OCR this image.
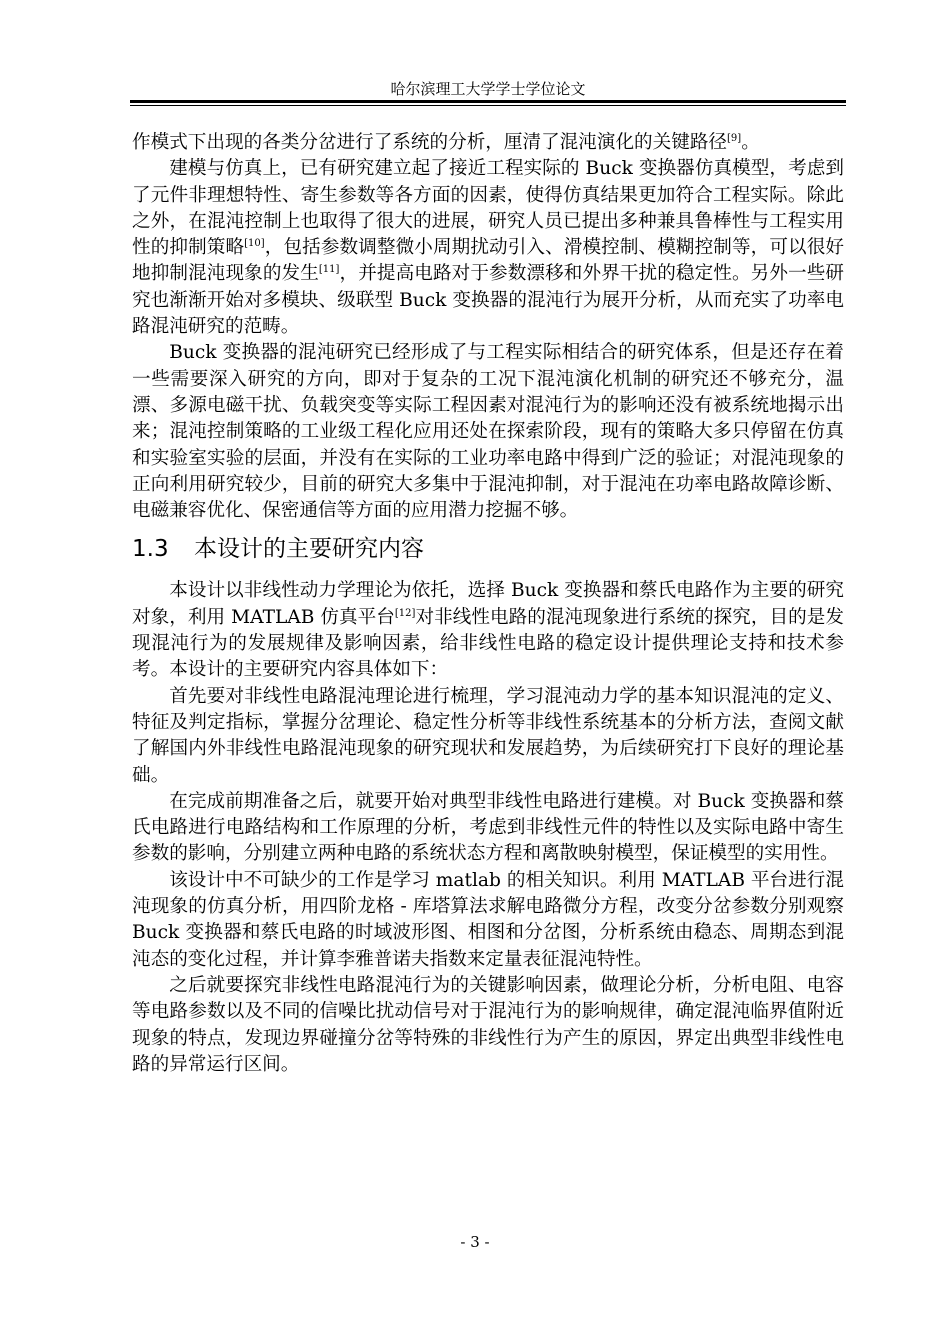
哈尔滨理工大学学士学位论文

作模式下出现的各类分岔进行了系统的分析，厘清了混沌演化的关键路径[9]。

建模与仿真上，已有研究建立起了接近工程实际的 Buck 变换器仿真模型，考虑到了元件非理想特性、寄生参数等各方面的因素，使得仿真结果更加符合工程实际。除此之外，在混沌控制上也取得了很大的进展，研究人员已提出多种兼具鲁棒性与工程实用性的抑制策略[10]，包括参数调整微小周期扰动引入、滑模控制、模糊控制等，可以很好地抑制混沌现象的发生[11]，并提高电路对于参数漂移和外界干扰的稳定性。另外一些研究也渐渐开始对多模块、级联型 Buck 变换器的混沌行为展开分析，从而充实了功率电路混沌研究的范畴。

Buck 变换器的混沌研究已经形成了与工程实际相结合的研究体系，但是还存在着一些需要深入研究的方向，即对于复杂的工况下混沌演化机制的研究还不够充分，温漂、多源电磁干扰、负载突变等实际工程因素对混沌行为的影响还没有被系统地揭示出来；混沌控制策略的工业级工程化应用还处在探索阶段，现有的策略大多只停留在仿真和实验室实验的层面，并没有在实际的工业功率电路中得到广泛的验证；对混沌现象的正向利用研究较少，目前的研究大多集中于混沌抑制，对于混沌在功率电路故障诊断、电磁兼容优化、保密通信等方面的应用潜力挖掘不够。

1.3 本设计的主要研究内容

本设计以非线性动力学理论为依托，选择 Buck 变换器和蔡氏电路作为主要的研究对象，利用 MATLAB 仿真平台[12]对非线性电路的混沌现象进行系统的探究，目的是发现混沌行为的发展规律及影响因素，给非线性电路的稳定设计提供理论支持和技术参考。本设计的主要研究内容具体如下：

首先要对非线性电路混沌理论进行梳理，学习混沌动力学的基本知识混沌的定义、特征及判定指标，掌握分岔理论、稳定性分析等非线性系统基本的分析方法，查阅文献了解国内外非线性电路混沌现象的研究现状和发展趋势，为后续研究打下良好的理论基础。

在完成前期准备之后，就要开始对典型非线性电路进行建模。对 Buck 变换器和蔡氏电路进行电路结构和工作原理的分析，考虑到非线性元件的特性以及实际电路中寄生参数的影响，分别建立两种电路的系统状态方程和离散映射模型，保证模型的实用性。

该设计中不可缺少的工作是学习 matlab 的相关知识。利用 MATLAB 平台进行混沌现象的仿真分析，用四阶龙格 - 库塔算法求解电路微分方程，改变分岔参数分别观察 Buck 变换器和蔡氏电路的时域波形图、相图和分岔图，分析系统由稳态、周期态到混沌态的变化过程，并计算李雅普诺夫指数来定量表征混沌特性。

之后就要探究非线性电路混沌行为的关键影响因素，做理论分析，分析电阻、电容等电路参数以及不同的信噪比扰动信号对于混沌行为的影响规律，确定混沌临界值附近现象的特点，发现边界碰撞分岔等特殊的非线性行为产生的原因，界定出典型非线性电路的异常运行区间。

- 3 -
